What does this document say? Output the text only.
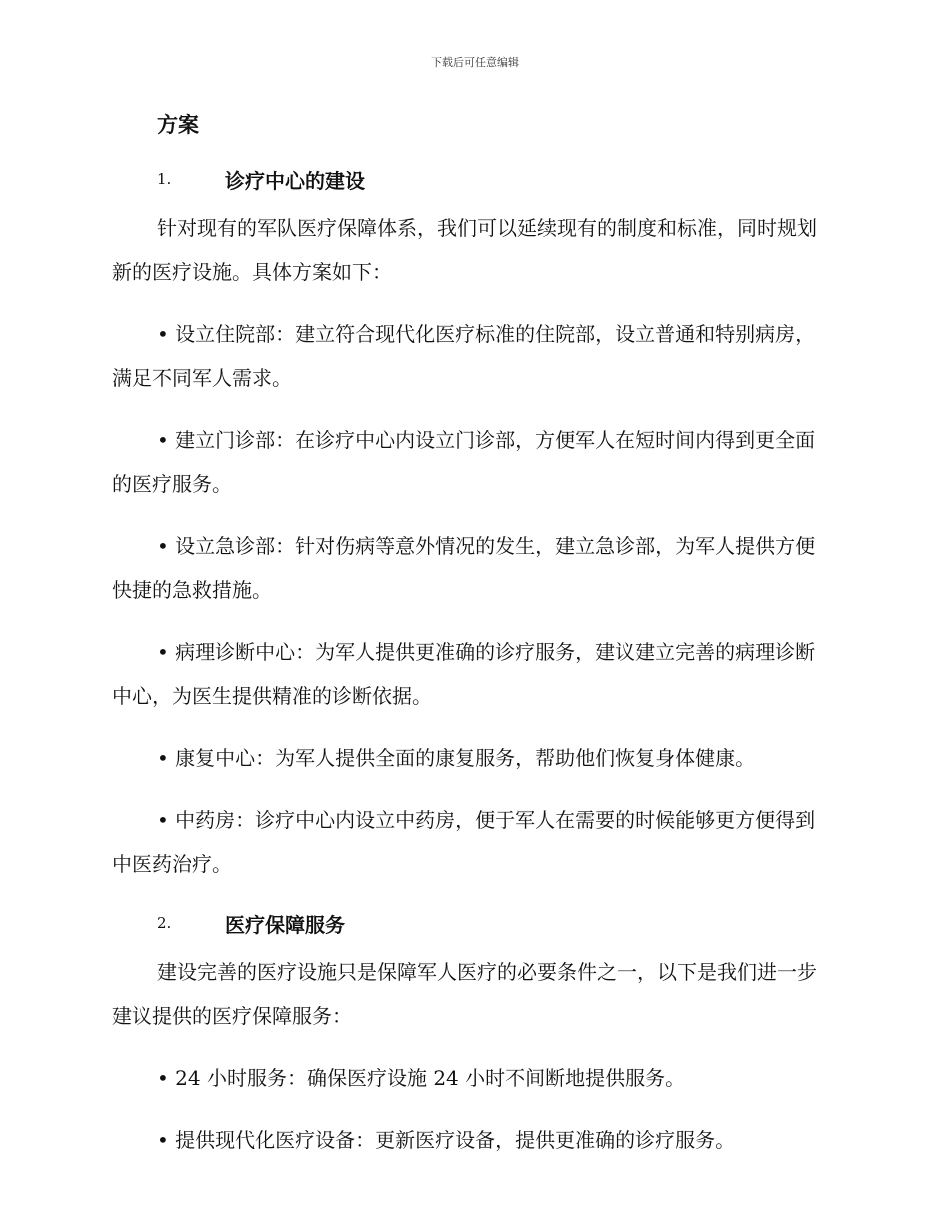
下载后可任意编辑
方案
1.	诊疗中心的建设

针对现有的军队医疗保障体系，我们可以延续现有的制度和标准，同时规划新的医疗设施。具体方案如下：

• 设立住院部：建立符合现代化医疗标准的住院部，设立普通和特别病房，满足不同军人需求。

• 建立门诊部：在诊疗中心内设立门诊部，方便军人在短时间内得到更全面的医疗服务。

• 设立急诊部：针对伤病等意外情况的发生，建立急诊部，为军人提供方便快捷的急救措施。

• 病理诊断中心：为军人提供更准确的诊疗服务，建议建立完善的病理诊断中心，为医生提供精准的诊断依据。

• 康复中心：为军人提供全面的康复服务，帮助他们恢复身体健康。

• 中药房：诊疗中心内设立中药房，便于军人在需要的时候能够更方便得到中医药治疗。

2.	医疗保障服务

建设完善的医疗设施只是保障军人医疗的必要条件之一，以下是我们进一步建议提供的医疗保障服务：

• 24 小时服务：确保医疗设施 24 小时不间断地提供服务。

• 提供现代化医疗设备：更新医疗设备，提供更准确的诊疗服务。
